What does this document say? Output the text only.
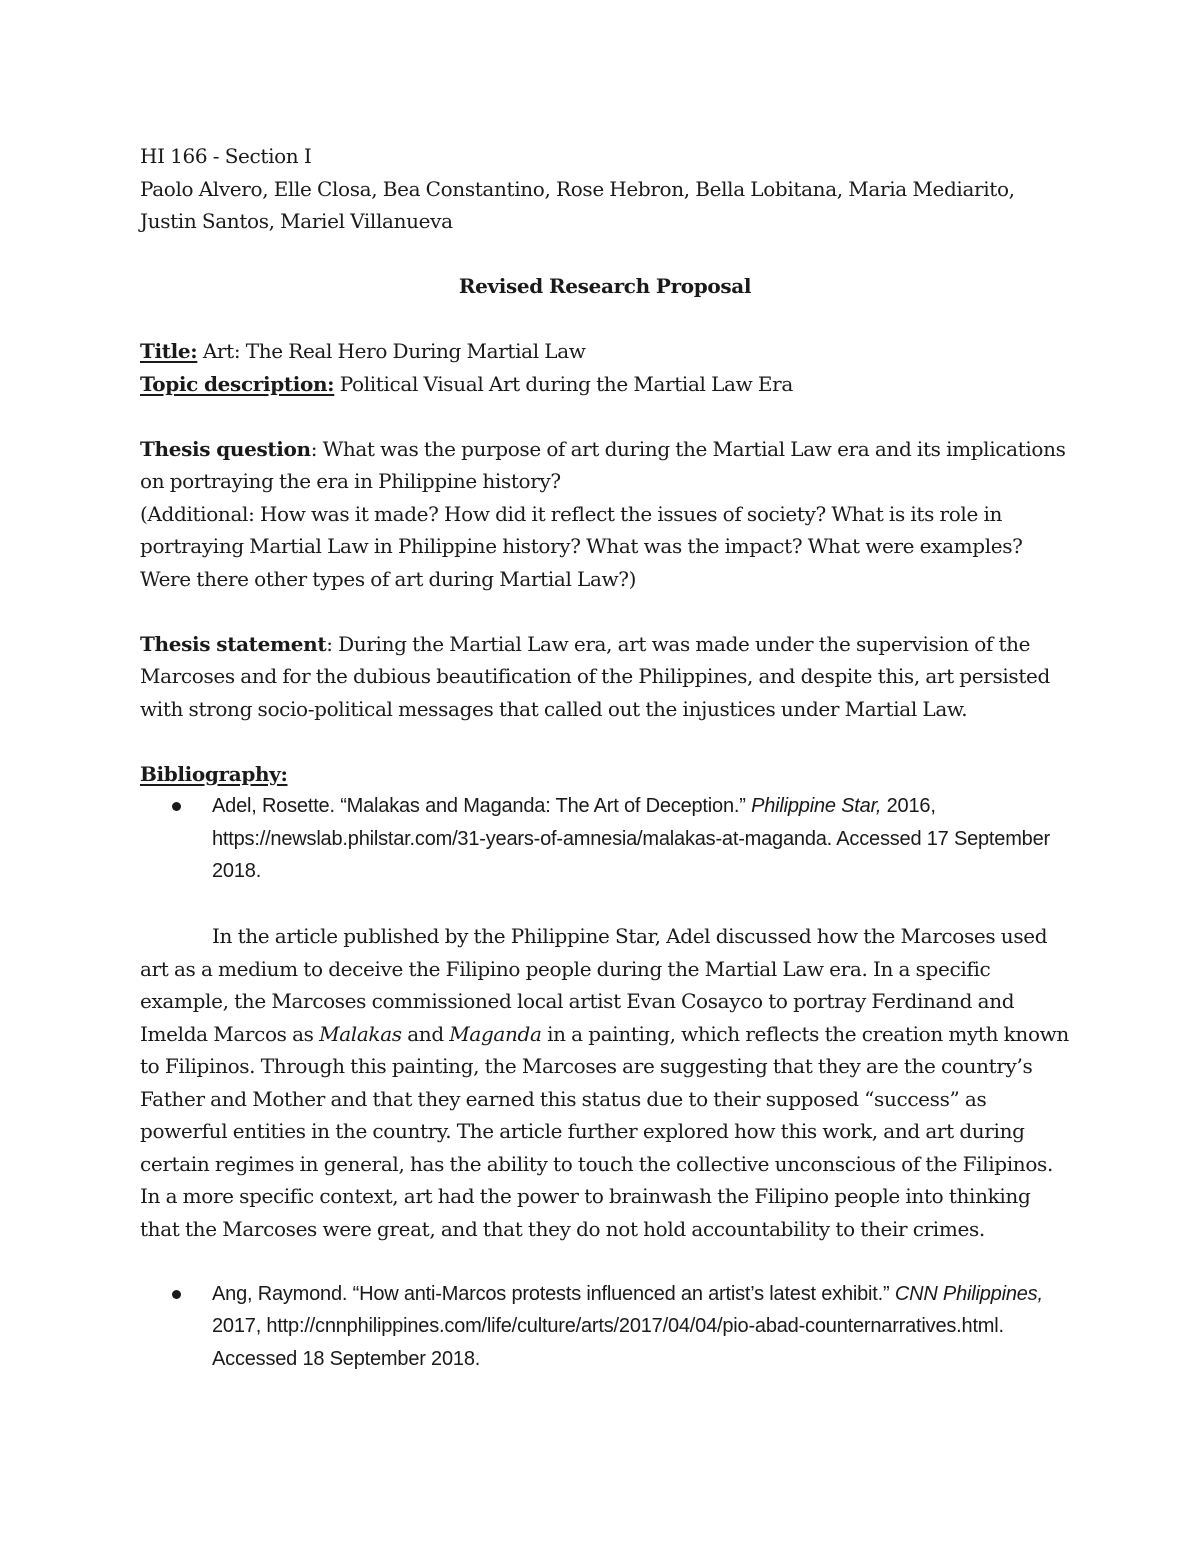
HI 166 - Section I

Paolo Alvero, Elle Closa, Bea Constantino, Rose Hebron, Bella Lobitana, Maria Mediarito,

Justin Santos, Mariel Villanueva

Revised Research Proposal

Title: Art: The Real Hero During Martial Law

Topic description: Political Visual Art during the Martial Law Era

Thesis question: What was the purpose of art during the Martial Law era and its implications on portraying the era in Philippine history?

(Additional: How was it made? How did it reflect the issues of society? What is its role in portraying Martial Law in Philippine history? What was the impact? What were examples? Were there other types of art during Martial Law?)

Thesis statement: During the Martial Law era, art was made under the supervision of the Marcoses and for the dubious beautification of the Philippines, and despite this, art persisted with strong socio-political messages that called out the injustices under Martial Law.

Bibliography:

Adel, Rosette. “Malakas and Maganda: The Art of Deception.” Philippine Star, 2016, https://newslab.philstar.com/31-years-of-amnesia/malakas-at-maganda. Accessed 17 September 2018.

In the article published by the Philippine Star, Adel discussed how the Marcoses used art as a medium to deceive the Filipino people during the Martial Law era. In a specific example, the Marcoses commissioned local artist Evan Cosayco to portray Ferdinand and Imelda Marcos as Malakas and Maganda in a painting, which reflects the creation myth known to Filipinos. Through this painting, the Marcoses are suggesting that they are the country’s Father and Mother and that they earned this status due to their supposed “success” as powerful entities in the country. The article further explored how this work, and art during certain regimes in general, has the ability to touch the collective unconscious of the Filipinos. In a more specific context, art had the power to brainwash the Filipino people into thinking that the Marcoses were great, and that they do not hold accountability to their crimes.

Ang, Raymond. “How anti-Marcos protests influenced an artist’s latest exhibit.” CNN Philippines, 2017, http://cnnphilippines.com/life/culture/arts/2017/04/04/pio-abad-counternarratives.html. Accessed 18 September 2018.
